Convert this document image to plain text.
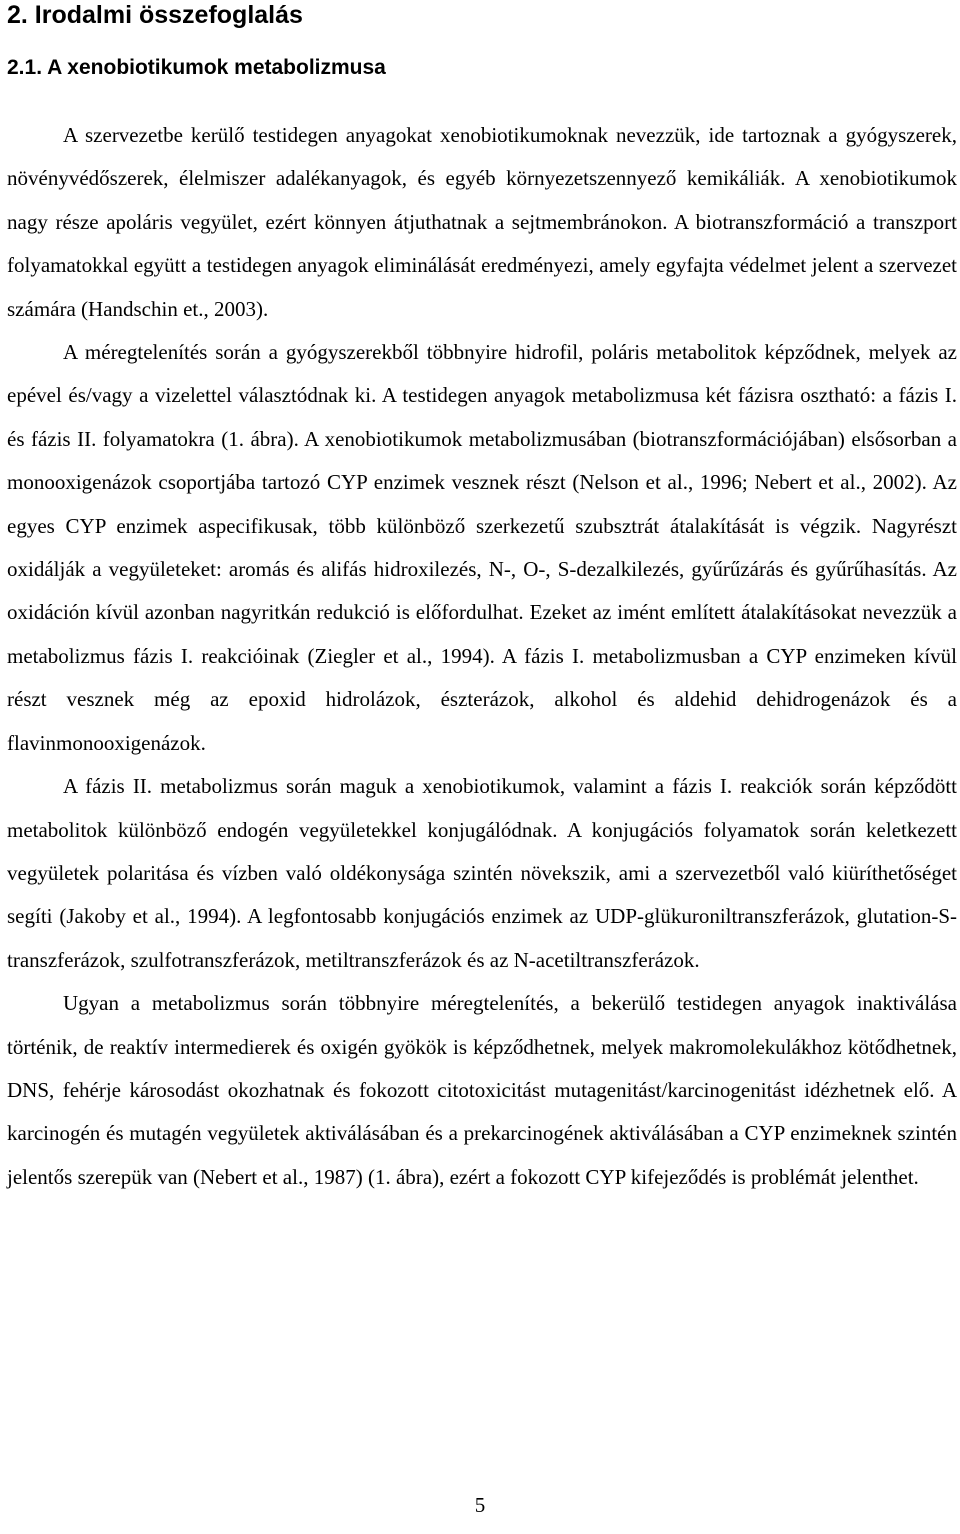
2. Irodalmi összefoglalás
2.1. A xenobiotikumok metabolizmusa

A szervezetbe kerülő testidegen anyagokat xenobiotikumoknak nevezzük, ide tartoznak a gyógyszerek, növényvédőszerek, élelmiszer adalékanyagok, és egyéb környezetszennyező kemikáliák. A xenobiotikumok nagy része apoláris vegyület, ezért könnyen átjuthatnak a sejtmembránokon. A biotranszformáció a transzport folyamatokkal együtt a testidegen anyagok eliminálását eredményezi, amely egyfajta védelmet jelent a szervezet számára (Handschin et., 2003).

A méregtelenítés során a gyógyszerekből többnyire hidrofil, poláris metabolitok képződnek, melyek az epével és/vagy a vizelettel választódnak ki. A testidegen anyagok metabolizmusa két fázisra osztható: a fázis I. és fázis II. folyamatokra (1. ábra). A xenobiotikumok metabolizmusában (biotranszformációjában) elsősorban a monooxigenázok csoportjába tartozó CYP enzimek vesznek részt (Nelson et al., 1996; Nebert et al., 2002). Az egyes CYP enzimek aspecifikusak, több különböző szerkezetű szubsztrát átalakítását is végzik. Nagyrészt oxidálják a vegyületeket: aromás és alifás hidroxilezés, N-, O-, S-dezalkilezés, gyűrűzárás és gyűrűhasítás. Az oxidáción kívül azonban nagyritkán redukció is előfordulhat. Ezeket az imént említett átalakításokat nevezzük a metabolizmus fázis I. reakcióinak (Ziegler et al., 1994). A fázis I. metabolizmusban a CYP enzimeken kívül részt vesznek még az epoxid hidrolázok, észterázok, alkohol és aldehid dehidrogenázok és a flavinmonooxigenázok.

A fázis II. metabolizmus során maguk a xenobiotikumok, valamint a fázis I. reakciók során képződött metabolitok különböző endogén vegyületekkel konjugálódnak. A konjugációs folyamatok során keletkezett vegyületek polaritása és vízben való oldékonysága szintén növekszik, ami a szervezetből való kiüríthetőséget segíti (Jakoby et al., 1994). A legfontosabb konjugációs enzimek az UDP-glükuroniltranszferázok, glutation-S-transzferázok, szulfotranszferázok, metiltranszferázok és az N-acetiltranszferázok.

Ugyan a metabolizmus során többnyire méregtelenítés, a bekerülő testidegen anyagok inaktiválása történik, de reaktív intermedierek és oxigén gyökök is képződhetnek, melyek makromolekulákhoz kötődhetnek, DNS, fehérje károsodást okozhatnak és fokozott citotoxicitást mutagenitást/karcinogenitást idézhetnek elő. A karcinogén és mutagén vegyületek aktiválásában és a prekarcinogének aktiválásában a CYP enzimeknek szintén jelentős szerepük van (Nebert et al., 1987) (1. ábra), ezért a fokozott CYP kifejeződés is problémát jelenthet.

5
